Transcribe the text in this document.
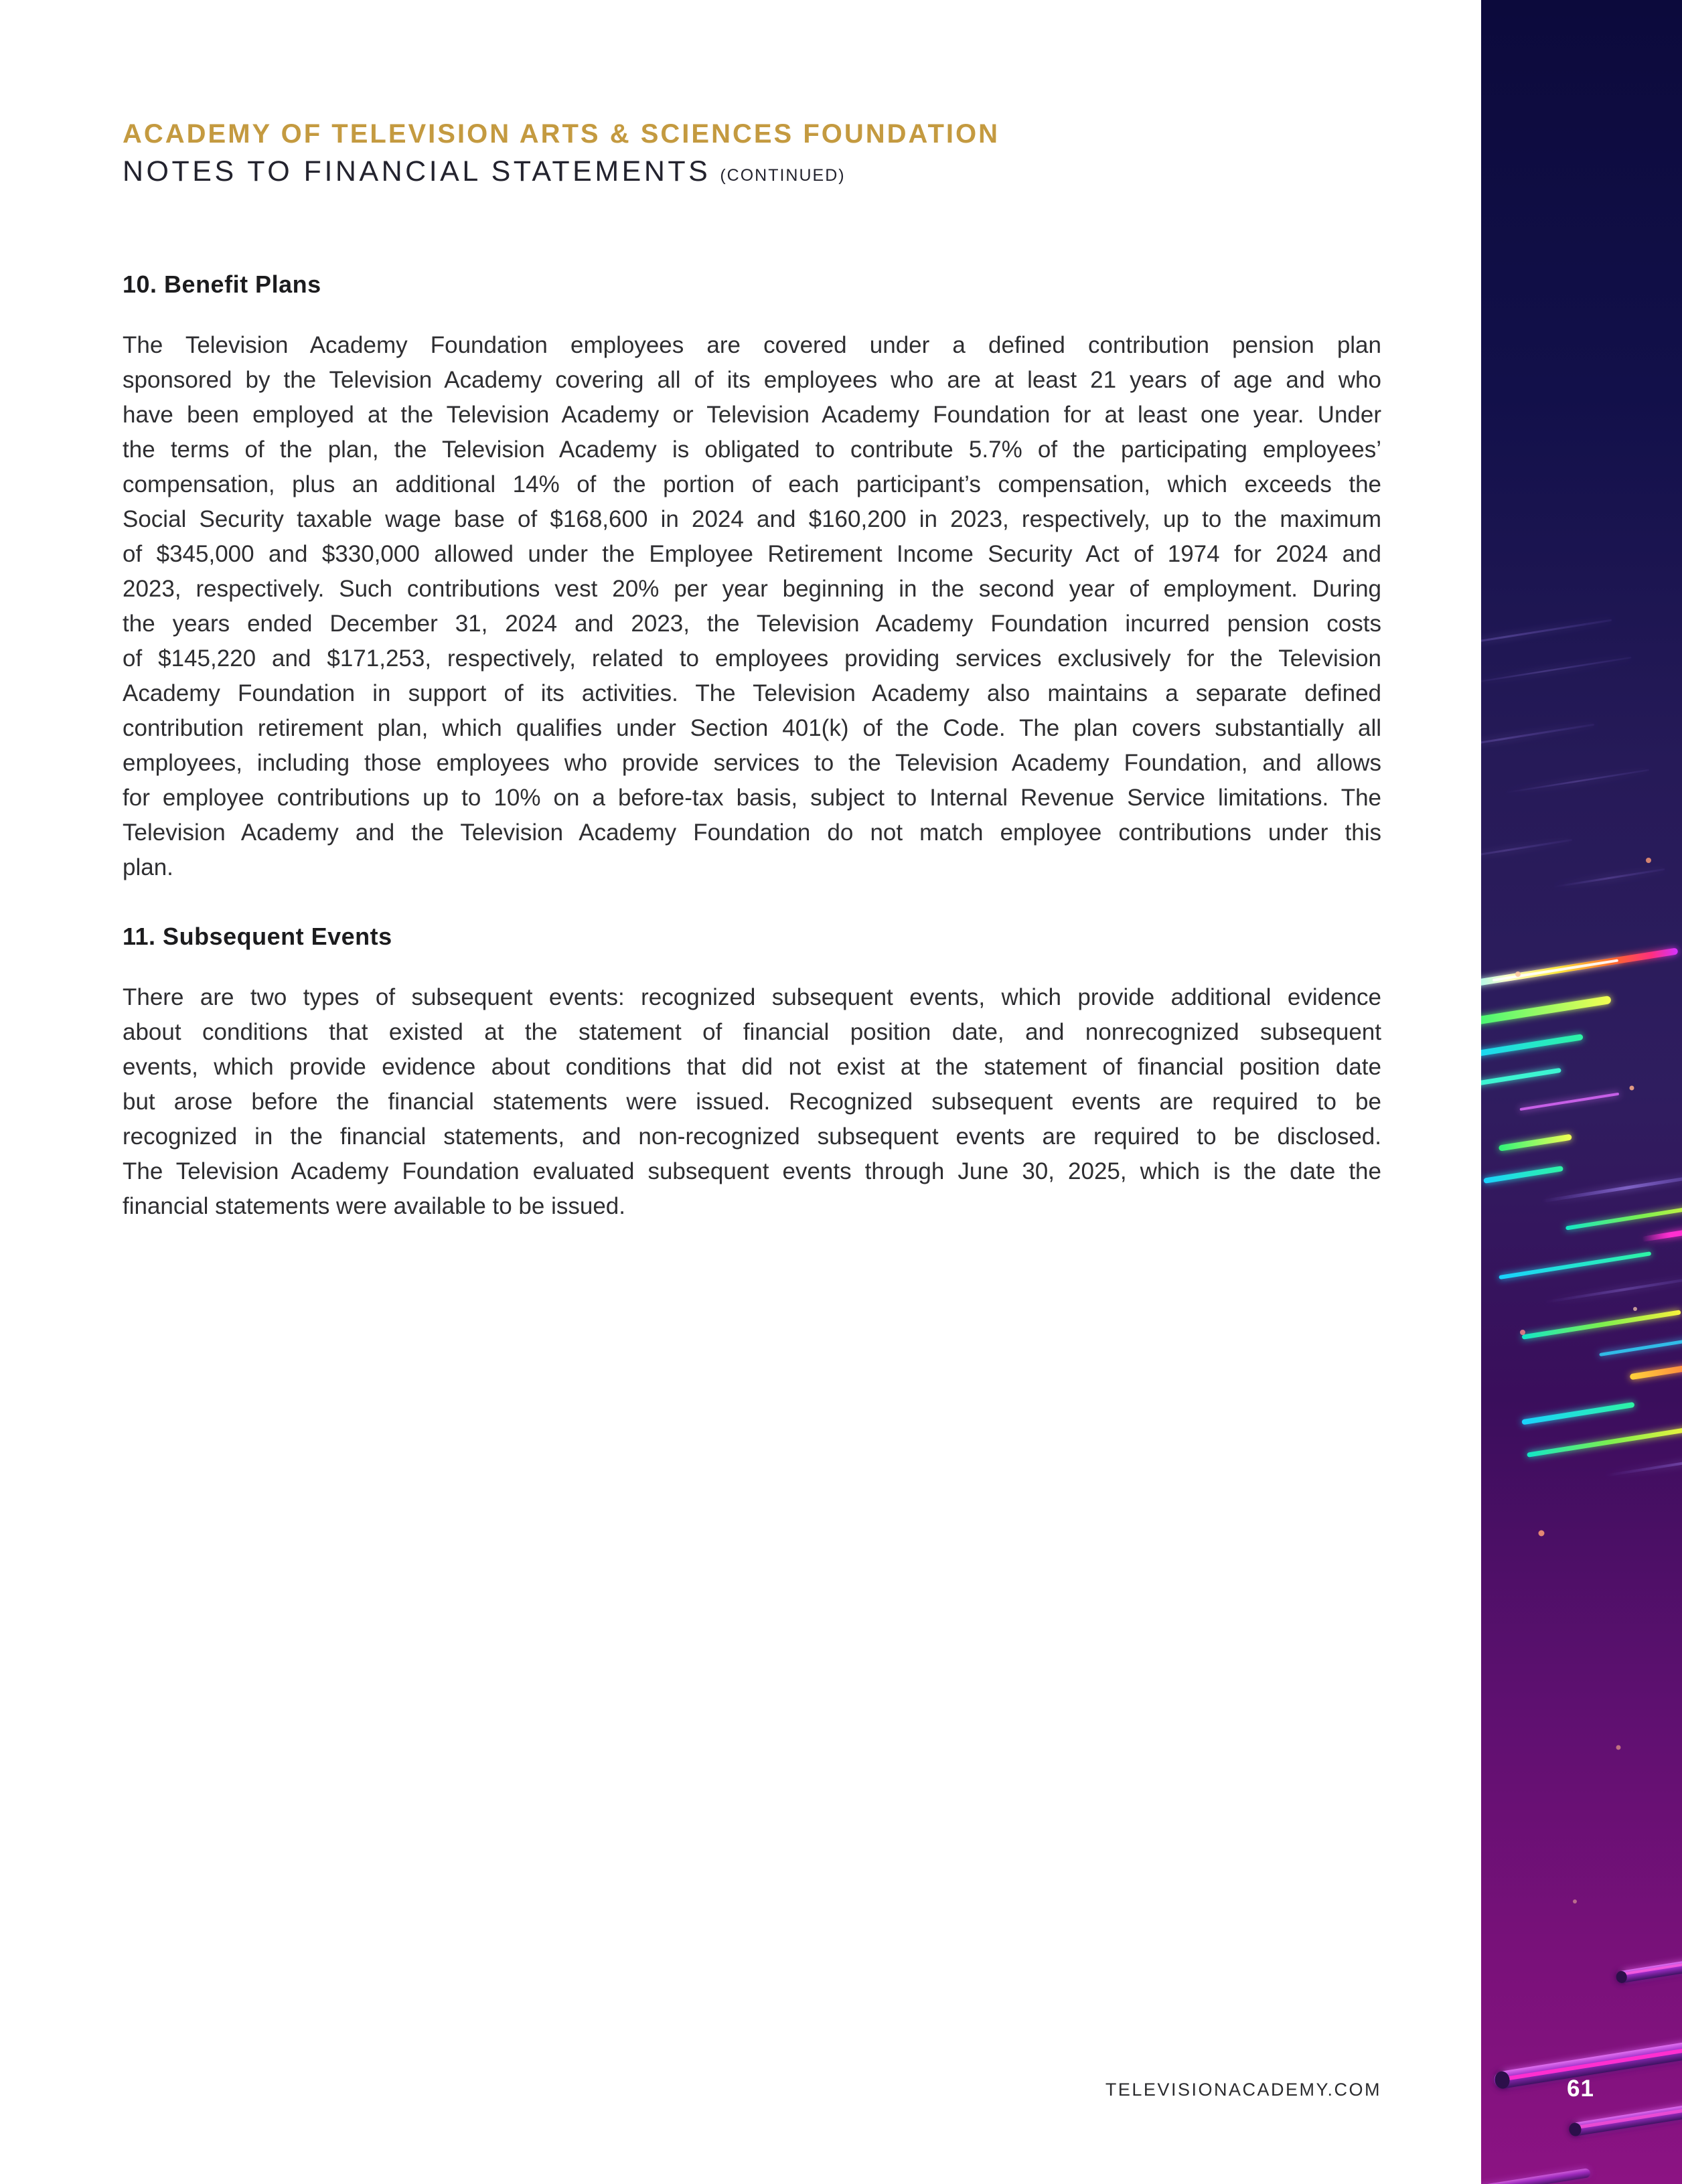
ACADEMY OF TELEVISION ARTS & SCIENCES FOUNDATION
NOTES TO FINANCIAL STATEMENTS (CONTINUED)
10. Benefit Plans
The Television Academy Foundation employees are covered under a defined contribution pension plan
sponsored by the Television Academy covering all of its employees who are at least 21 years of age and who
have been employed at the Television Academy or Television Academy Foundation for at least one year. Under
the terms of the plan, the Television Academy is obligated to contribute 5.7% of the participating employees’
compensation, plus an additional 14% of the portion of each participant’s compensation, which exceeds the
Social Security taxable wage base of $168,600 in 2024 and $160,200 in 2023, respectively, up to the maximum
of $345,000 and $330,000 allowed under the Employee Retirement Income Security Act of 1974 for 2024 and
2023, respectively. Such contributions vest 20% per year beginning in the second year of employment. During
the years ended December 31, 2024 and 2023, the Television Academy Foundation incurred pension costs
of $145,220 and $171,253, respectively, related to employees providing services exclusively for the Television
Academy Foundation in support of its activities. The Television Academy also maintains a separate defined
contribution retirement plan, which qualifies under Section 401(k) of the Code. The plan covers substantially all
employees, including those employees who provide services to the Television Academy Foundation, and allows
for employee contributions up to 10% on a before-tax basis, subject to Internal Revenue Service limitations. The
Television Academy and the Television Academy Foundation do not match employee contributions under this
plan.
11. Subsequent Events
There are two types of subsequent events: recognized subsequent events, which provide additional evidence
about conditions that existed at the statement of financial position date, and nonrecognized subsequent
events, which provide evidence about conditions that did not exist at the statement of financial position date
but arose before the financial statements were issued. Recognized subsequent events are required to be
recognized in the financial statements, and non-recognized subsequent events are required to be disclosed.
The Television Academy Foundation evaluated subsequent events through June 30, 2025, which is the date the
financial statements were available to be issued.
TELEVISIONACADEMY.COM	61
